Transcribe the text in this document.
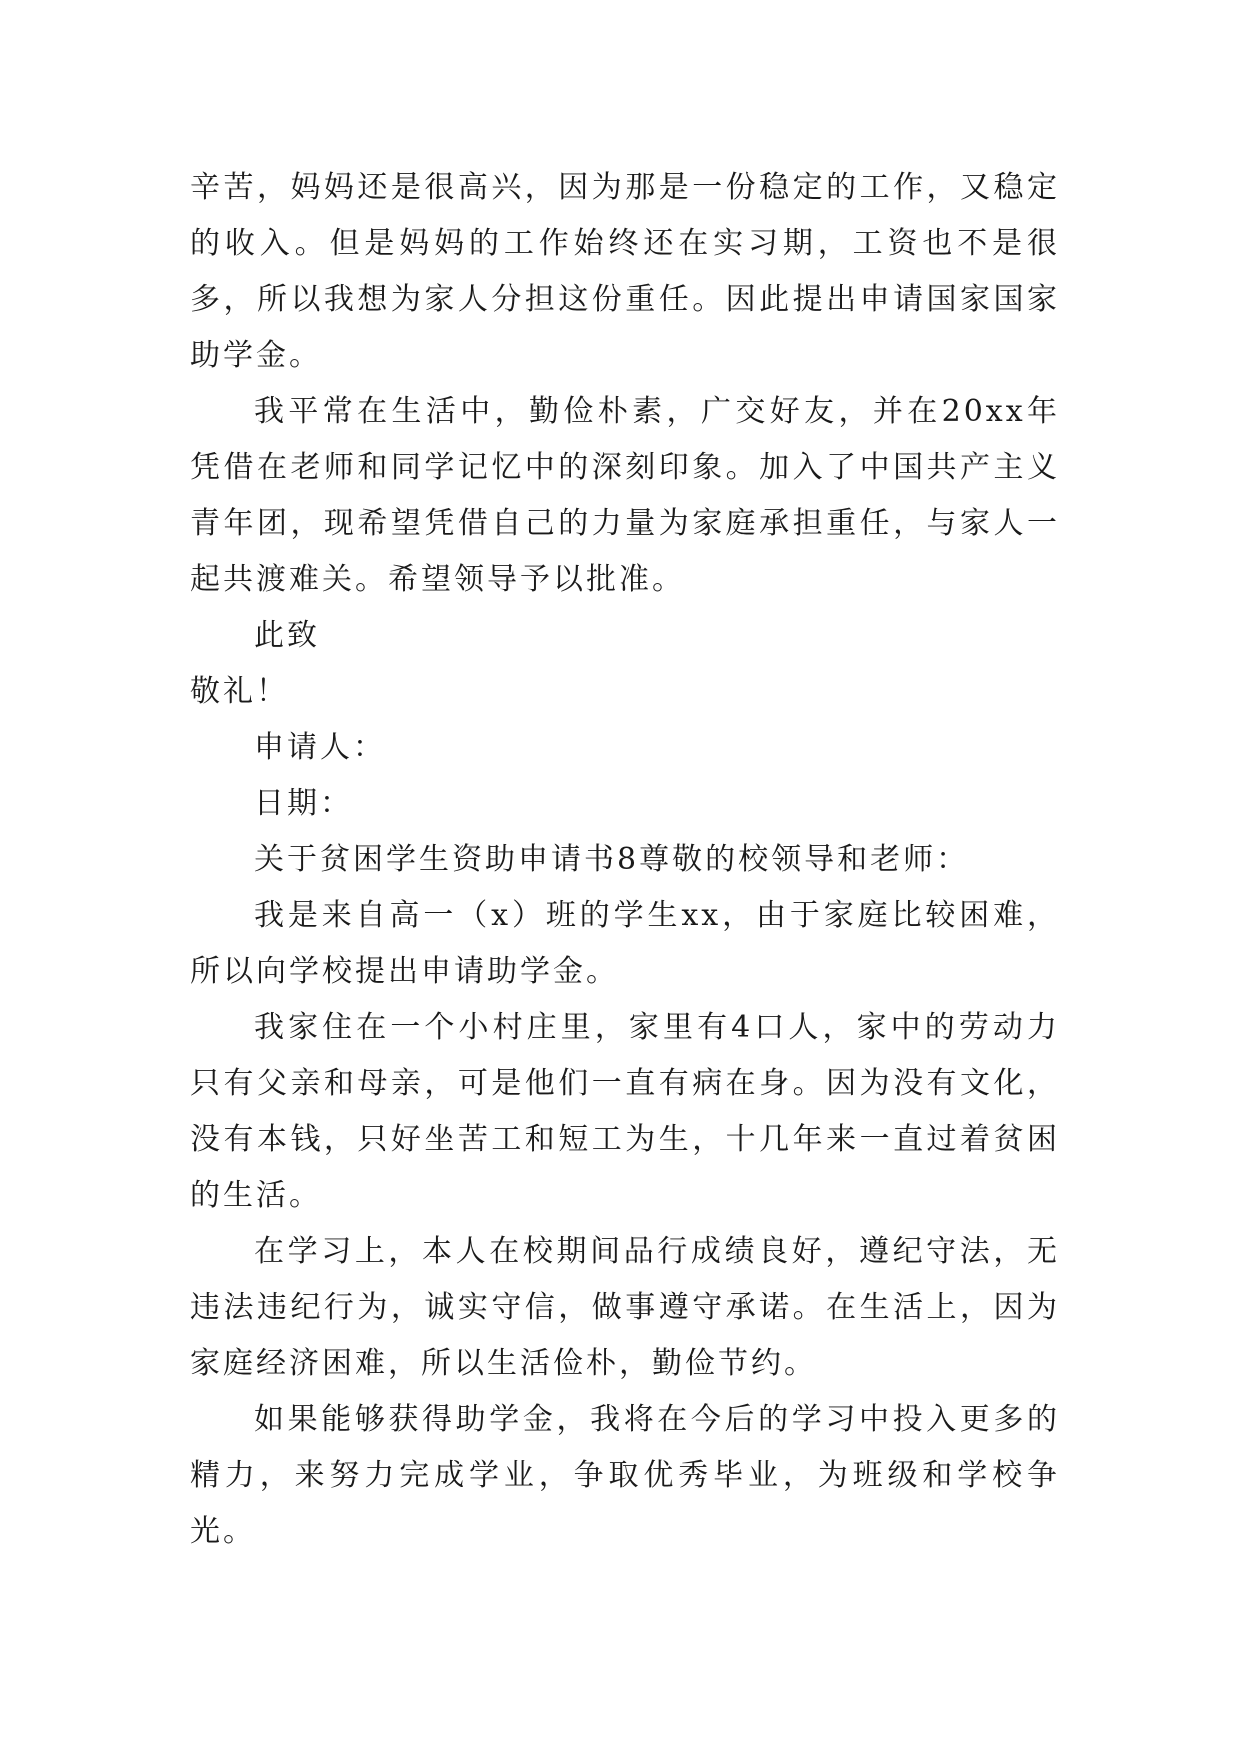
辛苦，妈妈还是很高兴，因为那是一份稳定的工作，又稳定的收入。但是妈妈的工作始终还在实习期，工资也不是很多，所以我想为家人分担这份重任。因此提出申请国家国家助学金。

我平常在生活中，勤俭朴素，广交好友，并在20xx年凭借在老师和同学记忆中的深刻印象。加入了中国共产主义青年团，现希望凭借自己的力量为家庭承担重任，与家人一起共渡难关。希望领导予以批准。

此致

敬礼！

申请人：

日期：

关于贫困学生资助申请书8尊敬的校领导和老师：

我是来自高一（x）班的学生xx，由于家庭比较困难，所以向学校提出申请助学金。

我家住在一个小村庄里，家里有4口人，家中的劳动力只有父亲和母亲，可是他们一直有病在身。因为没有文化，没有本钱，只好坐苦工和短工为生，十几年来一直过着贫困的生活。

在学习上，本人在校期间品行成绩良好，遵纪守法，无违法违纪行为，诚实守信，做事遵守承诺。在生活上，因为家庭经济困难，所以生活俭朴，勤俭节约。

如果能够获得助学金，我将在今后的学习中投入更多的精力，来努力完成学业，争取优秀毕业，为班级和学校争光。
